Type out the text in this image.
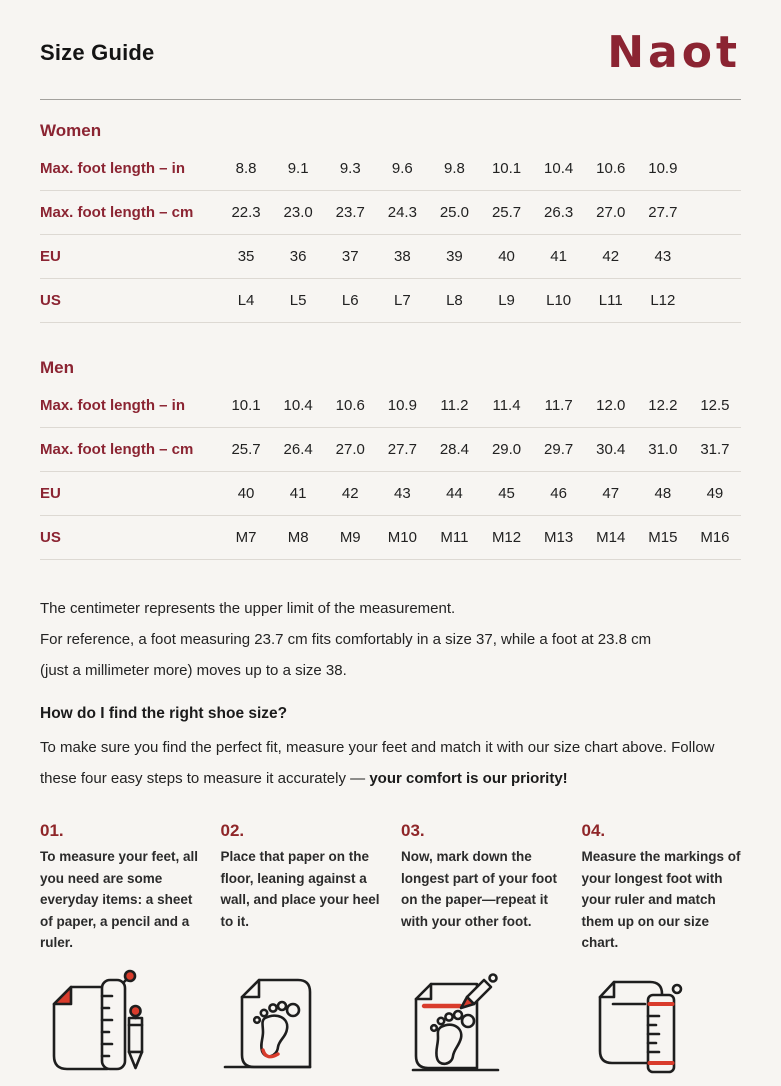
Size Guide	Naot
Women
Max. foot length – in	8.8	9.1	9.3	9.6	9.8	10.1	10.4	10.6	10.9
Max. foot length – cm	22.3	23.0	23.7	24.3	25.0	25.7	26.3	27.0	27.7
EU	35	36	37	38	39	40	41	42	43
US	L4	L5	L6	L7	L8	L9	L10	L11	L12
Men
Max. foot length – in	10.1	10.4	10.6	10.9	11.2	11.4	11.7	12.0	12.2	12.5
Max. foot length – cm	25.7	26.4	27.0	27.7	28.4	29.0	29.7	30.4	31.0	31.7
EU	40	41	42	43	44	45	46	47	48	49
US	M7	M8	M9	M10	M11	M12	M13	M14	M15	M16
The centimeter represents the upper limit of the measurement.
For reference, a foot measuring 23.7 cm fits comfortably in a size 37, while a foot at 23.8 cm
(just a millimeter more) moves up to a size 38.
How do I find the right shoe size?

To make sure you find the perfect fit, measure your feet and match it with our size chart above. Follow these four easy steps to measure it accurately — your comfort is our priority!

01.
To measure your feet, all you need are some everyday items: a sheet of paper, a pencil and a ruler.
02.
Place that paper on the floor, leaning against a wall, and place your heel to it.
03.
Now, mark down the longest part of your foot on the paper—repeat it with your other foot.
04.
Measure the markings of your longest foot with your ruler and match them up on our size chart.
